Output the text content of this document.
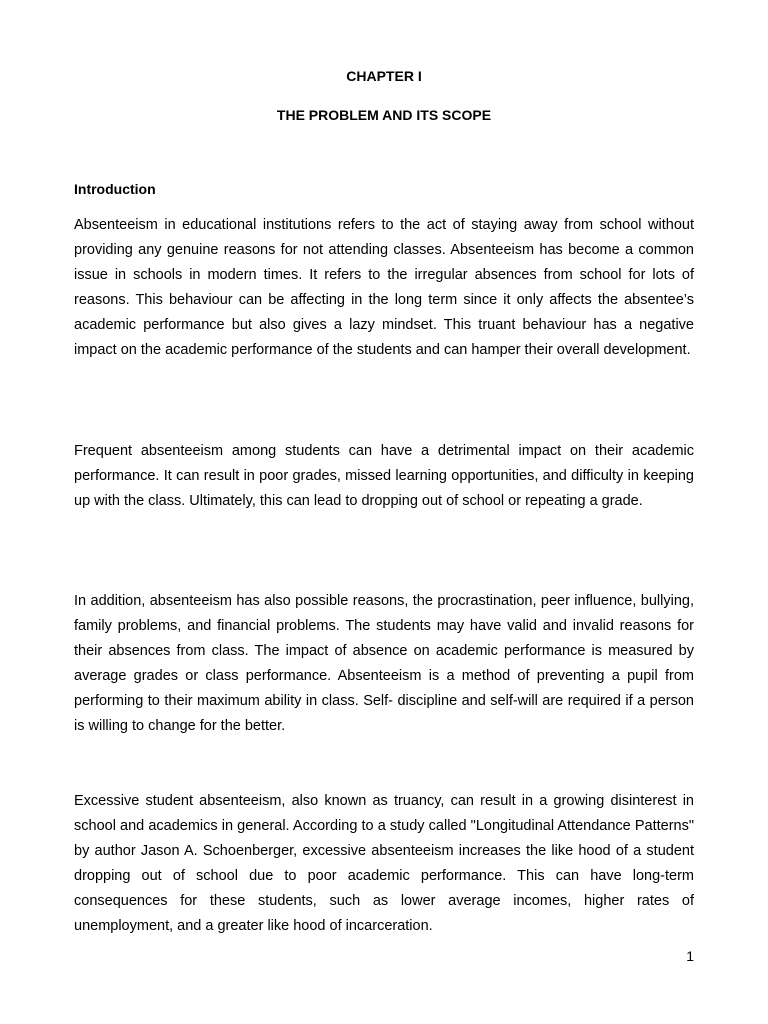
CHAPTER I
THE PROBLEM AND ITS SCOPE
Introduction

Absenteeism in educational institutions refers to the act of staying away from school without providing any genuine reasons for not attending classes. Absenteeism has become a common issue in schools in modern times. It refers to the irregular absences from school for lots of reasons. This behaviour can be affecting in the long term since it only affects the absentee’s academic performance but also gives a lazy mindset. This truant behaviour has a negative impact on the academic performance of the students and can hamper their overall development.

Frequent absenteeism among students can have a detrimental impact on their academic performance. It can result in poor grades, missed learning opportunities, and difficulty in keeping up with the class. Ultimately, this can lead to dropping out of school or repeating a grade.

In addition, absenteeism has also possible reasons, the procrastination, peer influence, bullying, family problems, and financial problems. The students may have valid and invalid reasons for their absences from class. The impact of absence on academic performance is measured by average grades or class performance. Absenteeism is a method of preventing a pupil from performing to their maximum ability in class. Self- discipline and self-will are required if a person is willing to change for the better.

Excessive student absenteeism, also known as truancy, can result in a growing disinterest in school and academics in general. According to a study called "Longitudinal Attendance Patterns" by author Jason A. Schoenberger, excessive absenteeism increases the like hood of a student dropping out of school due to poor academic performance. This can have long-term consequences for these students, such as lower average incomes, higher rates of unemployment, and a greater like hood of incarceration.

1
